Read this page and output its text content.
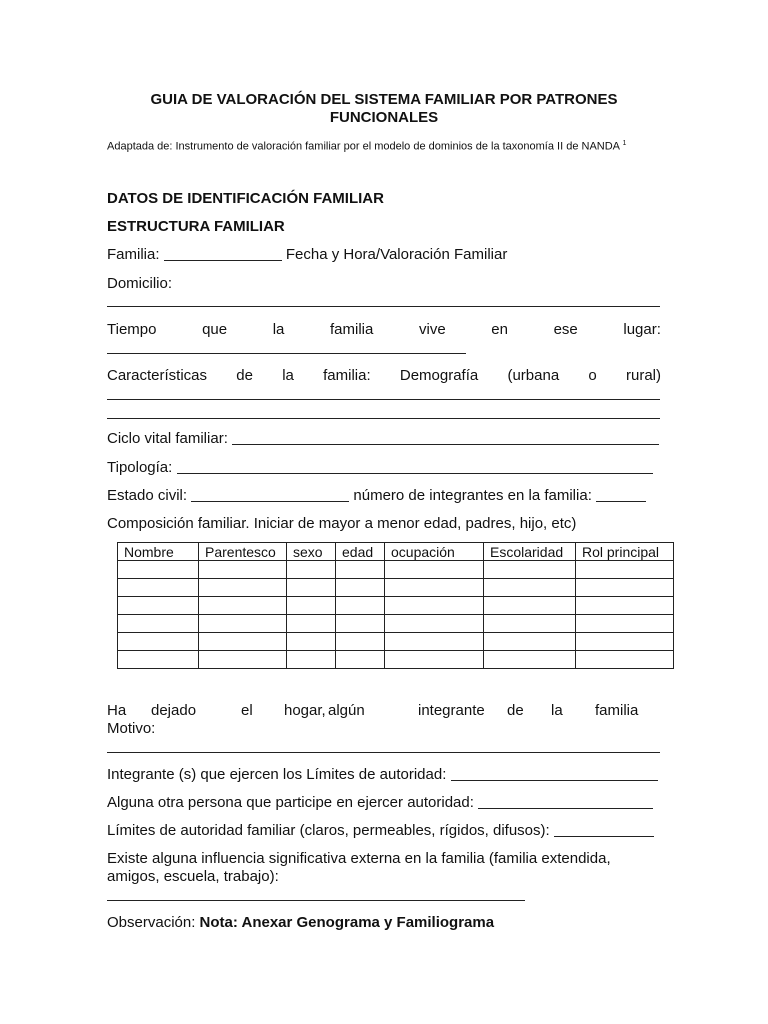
GUIA DE VALORACIÓN DEL SISTEMA FAMILIAR POR PATRONES FUNCIONALES
Adaptada de: Instrumento de valoración familiar por el modelo de dominios de la taxonomía II de NANDA $^1$
DATOS DE IDENTIFICACIÓN FAMILIAR
ESTRUCTURA FAMILIAR
Familia:	Fecha y Hora/Valoración Familiar
Domicilio:
Tiempo	que	la	familia	vive	en	ese	lugar:
Características de la familia: Demografía (urbana o rural)
Ciclo vital familiar:
Tipología:
Estado civil:	número de integrantes en la familia:
Composición familiar. Iniciar de mayor a menor edad, padres, hijo, etc)
Nombre	Parentesco	sexo	edad	ocupación	Escolaridad	Rol principal

Ha	dejado	el	hogar, algún	integrante	de	la	familia
Motivo:
Integrante (s) que ejercen los Límites de autoridad:
Alguna otra persona que participe en ejercer autoridad:
Límites de autoridad familiar (claros, permeables, rígidos, difusos):
Existe alguna influencia significativa externa en la familia (familia extendida,
amigos, escuela, trabajo):
Observación: Nota: Anexar Genograma y Familiograma
